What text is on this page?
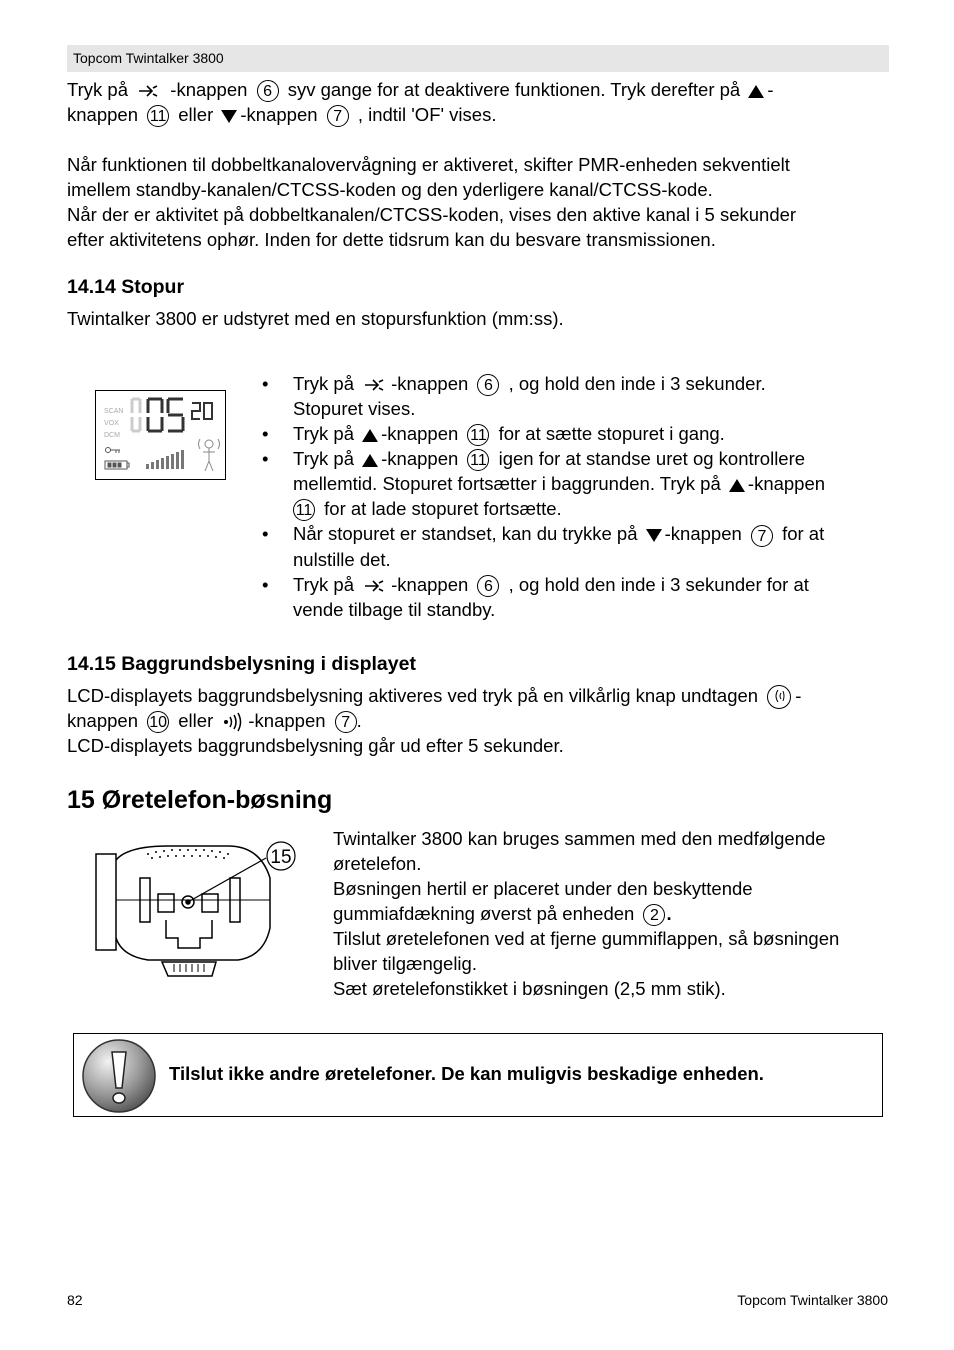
Topcom Twintalker 3800
Tryk på -knappen 6 syv gange for at deaktivere funktionen. Tryk derefter på -
knappen 11 eller -knappen 7 , indtil 'OF' vises.
Når funktionen til dobbeltkanalovervågning er aktiveret, skifter PMR-enheden sekventielt
imellem standby-kanalen/CTCSS-koden og den yderligere kanal/CTCSS-kode.
Når der er aktivitet på dobbeltkanalen/CTCSS-koden, vises den aktive kanal i 5 sekunder
efter aktivitetens ophør. Inden for dette tidsrum kan du besvare transmissionen.
14.14 Stopur
Twintalker 3800 er udstyret med en stopursfunktion (mm:ss).
SCAN
VOX
DCM
• Tryk på -knappen 6 , og hold den inde i 3 sekunder.
Stopuret vises.
• Tryk på -knappen 11 for at sætte stopuret i gang.
• Tryk på -knappen 11 igen for at standse uret og kontrollere
mellemtid. Stopuret fortsætter i baggrunden. Tryk på -knappen
11 for at lade stopuret fortsætte.
• Når stopuret er standset, kan du trykke på -knappen 7 for at
nulstille det.
• Tryk på -knappen 6 , og hold den inde i 3 sekunder for at
vende tilbage til standby.
14.15 Baggrundsbelysning i displayet
LCD-displayets baggrundsbelysning aktiveres ved tryk på en vilkårlig knap undtagen -
knappen 10 eller -knappen 7 .
LCD-displayets baggrundsbelysning går ud efter 5 sekunder.
15 Øretelefon-bøsning
15
Twintalker 3800 kan bruges sammen med den medfølgende
øretelefon.
Bøsningen hertil er placeret under den beskyttende
gummiafdækning øverst på enheden 2 .
Tilslut øretelefonen ved at fjerne gummiflappen, så bøsningen
bliver tilgængelig.
Sæt øretelefonstikket i bøsningen (2,5 mm stik).
Tilslut ikke andre øretelefoner. De kan muligvis beskadige enheden.
82	Topcom Twintalker 3800
